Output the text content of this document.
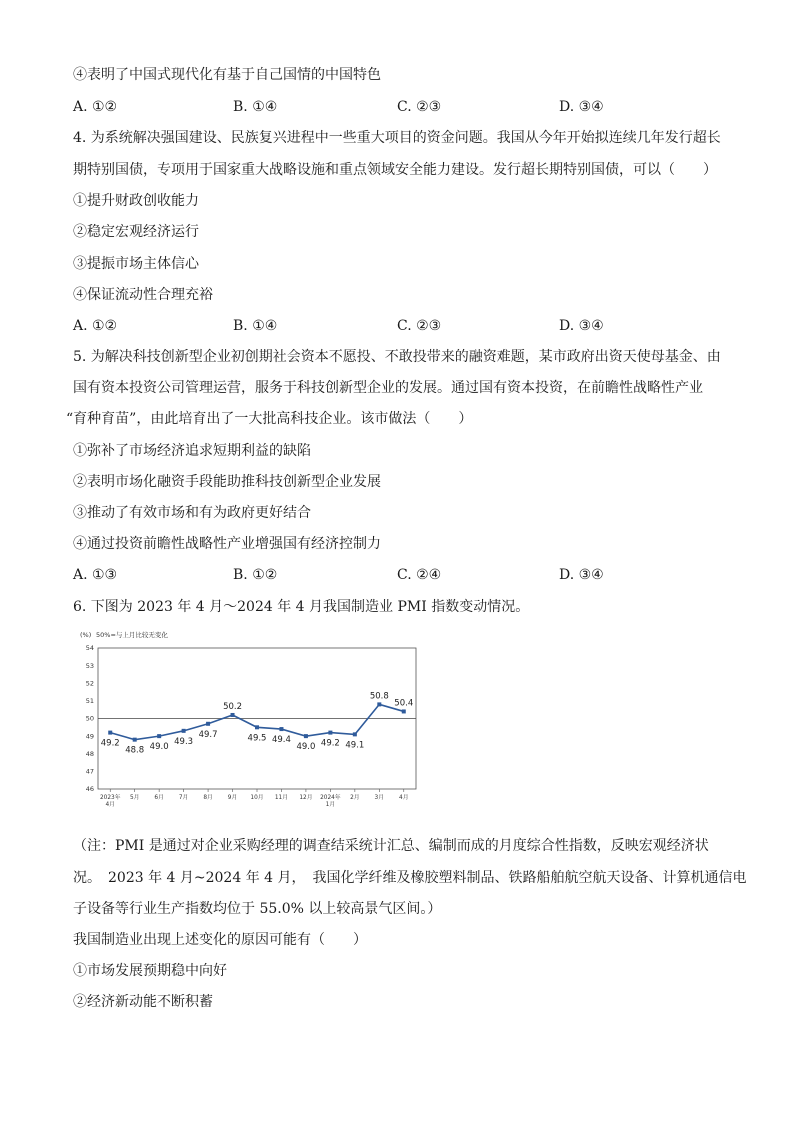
④表明了中国式现代化有基于自己国情的中国特色
A. ①②	B. ①④	C. ②③	D. ③④
4. 为系统解决强国建设、民族复兴进程中一些重大项目的资金问题。我国从今年开始拟连续几年发行超长
期特别国债，专项用于国家重大战略设施和重点领域安全能力建设。发行超长期特别国债，可以（　　）
①提升财政创收能力
②稳定宏观经济运行
③提振市场主体信心
④保证流动性合理充裕
A. ①②	B. ①④	C. ②③	D. ③④
5. 为解决科技创新型企业初创期社会资本不愿投、不敢投带来的融资难题，某市政府出资天使母基金、由
国有资本投资公司管理运营，服务于科技创新型企业的发展。通过国有资本投资，在前瞻性战略性产业
“育种育苗”，由此培育出了一大批高科技企业。该市做法（　　）
①弥补了市场经济追求短期利益的缺陷
②表明市场化融资手段能助推科技创新型企业发展
③推动了有效市场和有为政府更好结合
④通过投资前瞻性战略性产业增强国有经济控制力
A. ①③	B. ①②	C. ②④	D. ③④
6. 下图为 2023 年 4 月～2024 年 4 月我国制造业 PMI 指数变动情况。
(%) 50%=与上月比较无变化
46
47
48
49
50
51
52
53
54
2023年
4月
5月	6月	7月	8月	9月 10月 11月 12月 2024年
1月
2月	3月	4月
49.2
48.8 49.0
49.3
49.7
50.2
49.5 49.4
49.0 49.2 49.1
50.8
50.4
（注：PMI 是通过对企业采购经理的调查结采统计汇总、编制而成的月度综合性指数，反映宏观经济状
况。　2023 年 4 月~2024 年 4 月，　我国化学纤维及橡胶塑料制品、铁路船舶航空航天设备、计算机通信电
子设备等行业生产指数均位于 55.0% 以上较高景气区间。）
我国制造业出现上述变化的原因可能有（　　）
①市场发展预期稳中向好
②经济新动能不断积蓄
